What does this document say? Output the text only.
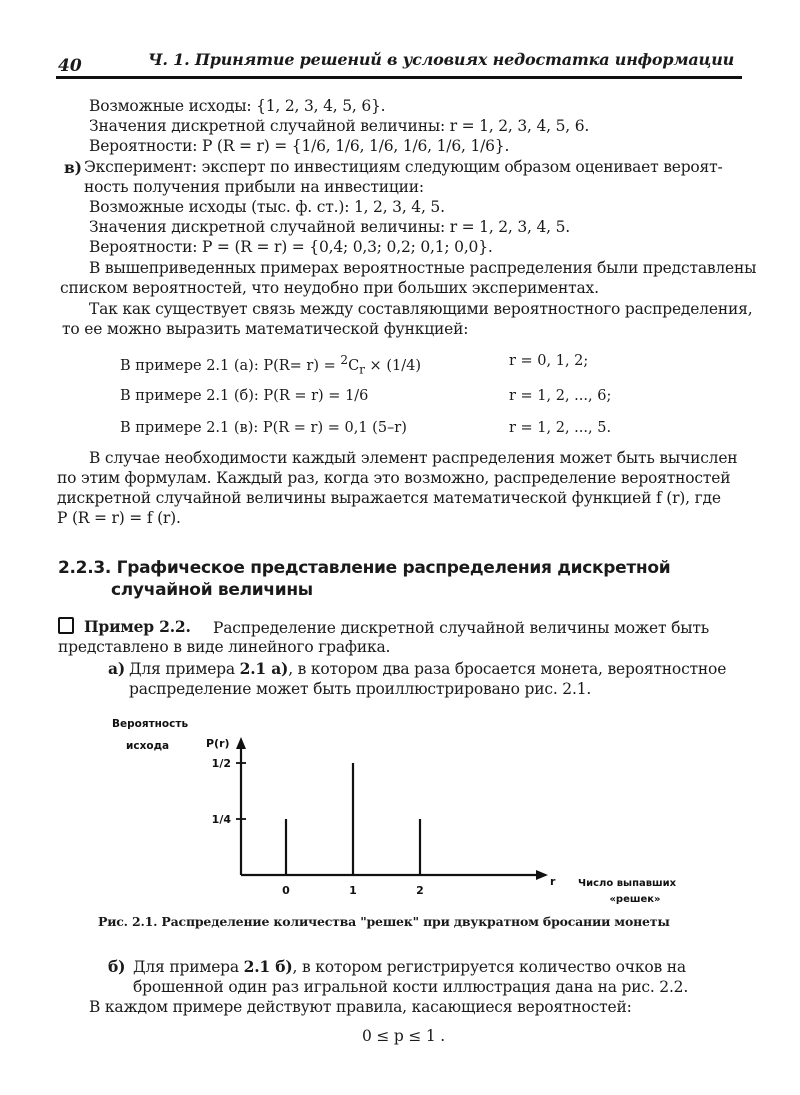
40	Ч. 1. Принятие решений в условиях недостатка информации
Возможные исходы: {1, 2, 3, 4, 5, 6}.
Значения дискретной случайной величины: r = 1, 2, 3, 4, 5, 6.
Вероятности: P (R = r) = {1/6, 1/6, 1/6, 1/6, 1/6, 1/6}.
в) Эксперимент: эксперт по инвестициям следующим образом оценивает вероят-
ность получения прибыли на инвестиции:
Возможные исходы (тыс. ф. ст.): 1, 2, 3, 4, 5.
Значения дискретной случайной величины: r = 1, 2, 3, 4, 5.
Вероятности: P = (R = r) = {0,4; 0,3; 0,2; 0,1; 0,0}.
В вышеприведенных примерах вероятностные распределения были представлены
списком вероятностей, что неудобно при больших экспериментах.
Так как существует связь между составляющими вероятностного распределения,
то ее можно выразить математической функцией:
В примере 2.1 (а): $P(R= r) = ^2C_r \times (1/4)$	r = 0, 1, 2;
В примере 2.1 (б): P(R = r) = 1/6	r = 1, 2, ..., 6;
В примере 2.1 (в): P(R = r) = 0,1 (5–r)	r = 1, 2, ..., 5.
В случае необходимости каждый элемент распределения может быть вычислен
по этим формулам. Каждый раз, когда это возможно, распределение вероятностей
дискретной случайной величины выражается математической функцией f (r), где
P (R = r) = f (r).
2.2.3. Графическое представление распределения дискретной
случайной величины
Пример 2.2. Распределение дискретной случайной величины может быть
представлено в виде линейного графика.
а) Для примера 2.1 а), в котором два раза бросается монета, вероятностное
распределение может быть проиллюстрировано рис. 2.1.
Вероятность
исхода	P(r)
r Число выпавших
«решек»
1/4
1/2
0	1	2
Рис. 2.1. Распределение количества "решек" при двукратном бросании монеты
б) Для примера 2.1 б), в котором регистрируется количество очков на
брошенной один раз игральной кости иллюстрация дана на рис. 2.2.
В каждом примере действуют правила, касающиеся вероятностей:
0 ≤ p ≤ 1 .
